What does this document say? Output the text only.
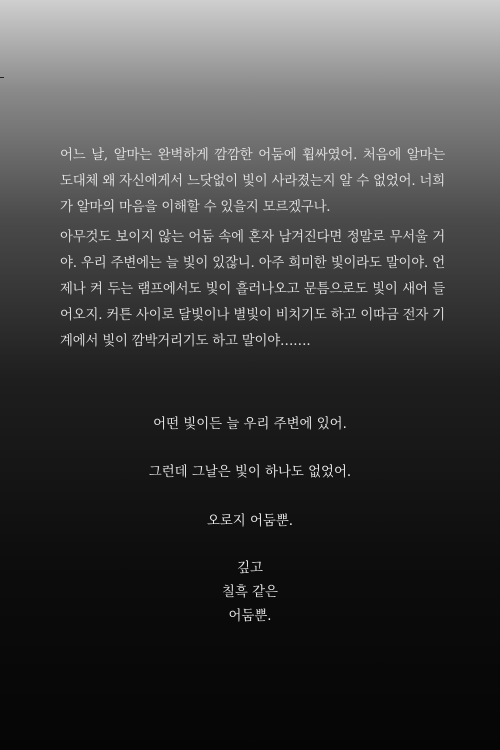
어느 날, 알마는 완벽하게 깜깜한 어둠에 휩싸였어. 처음에 알마는 도대체 왜 자신에게서 느닷없이 빛이 사라졌는지 알 수 없었어. 너희가 알마의 마음을 이해할 수 있을지 모르겠구나.

아무것도 보이지 않는 어둠 속에 혼자 남겨진다면 정말로 무서울 거야. 우리 주변에는 늘 빛이 있잖니. 아주 희미한 빛이라도 말이야. 언제나 켜 두는 램프에서도 빛이 흘러나오고 문틈으로도 빛이 새어 들어오지. 커튼 사이로 달빛이나 별빛이 비치기도 하고 이따금 전자 기계에서 빛이 깜박거리기도 하고 말이야…….

어떤 빛이든 늘 우리 주변에 있어.
그런데 그날은 빛이 하나도 없었어.
오로지 어둠뿐.
깊고
칠흑 같은
어둠뿐.
